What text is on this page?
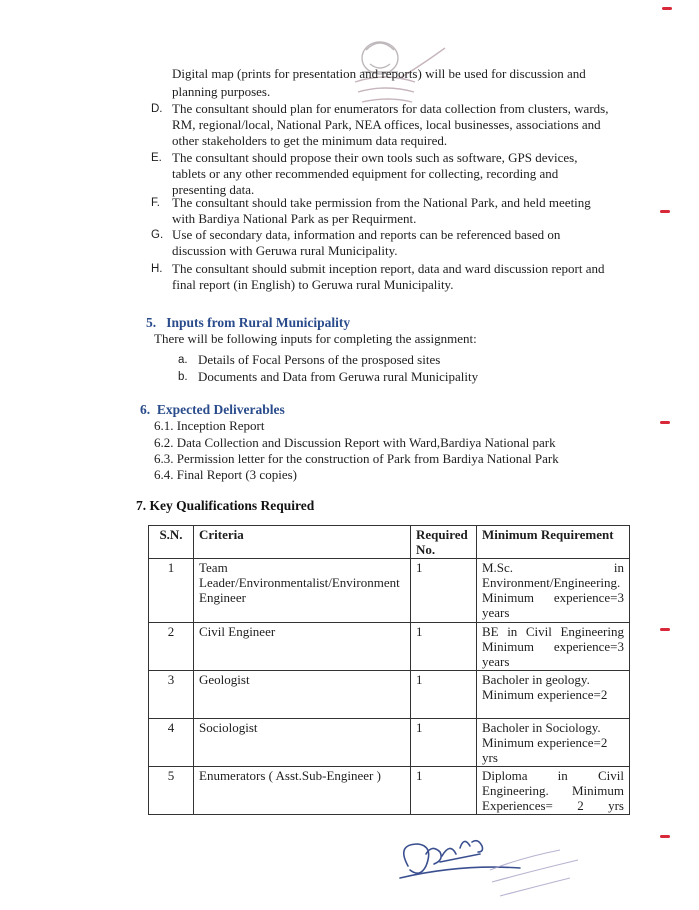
Digital map (prints for presentation and reports) will be used for discussion and
planning purposes.
D. The consultant should plan for enumerators for data collection from clusters, wards,
RM, regional/local, National Park, NEA offices, local businesses, associations and
other stakeholders to get the minimum data required.
E. The consultant should propose their own tools such as software, GPS devices,
tablets or any other recommended equipment for collecting, recording and
presenting data.
F. The consultant should take permission from the National Park, and held meeting
with Bardiya National Park as per Requirment.
G. Use of secondary data, information and reports can be referenced based on
discussion with Geruwa rural Municipality.
H. The consultant should submit inception report, data and ward discussion report and
final report (in English) to Geruwa rural Municipality.
5.   Inputs from Rural Municipality
There will be following inputs for completing the assignment:
a. Details of Focal Persons of the prosposed sites
b. Documents and Data from Geruwa rural Municipality
6.  Expected Deliverables
6.1. Inception Report
6.2. Data Collection and Discussion Report with Ward,Bardiya National park
6.3. Permission letter for the construction of Park from Bardiya National Park
6.4. Final Report (3 copies)
7. Key Qualifications Required
S.N.	Criteria	Required No.	Minimum Requirement
1	Team Leader/Environmentalist/Environment Engineer	1	M.Sc. in Environment/Engineering. Minimum experience=3 years
2	Civil Engineer	1	BE in Civil Engineering Minimum experience=3 years
3	Geologist	1	Bacholer in geology. Minimum experience=2
4	Sociologist	1	Bacholer in Sociology. Minimum experience=2 yrs
5	Enumerators ( Asst.Sub-Engineer )	1	Diploma in Civil Engineering. Minimum Experiences= 2 yrs
